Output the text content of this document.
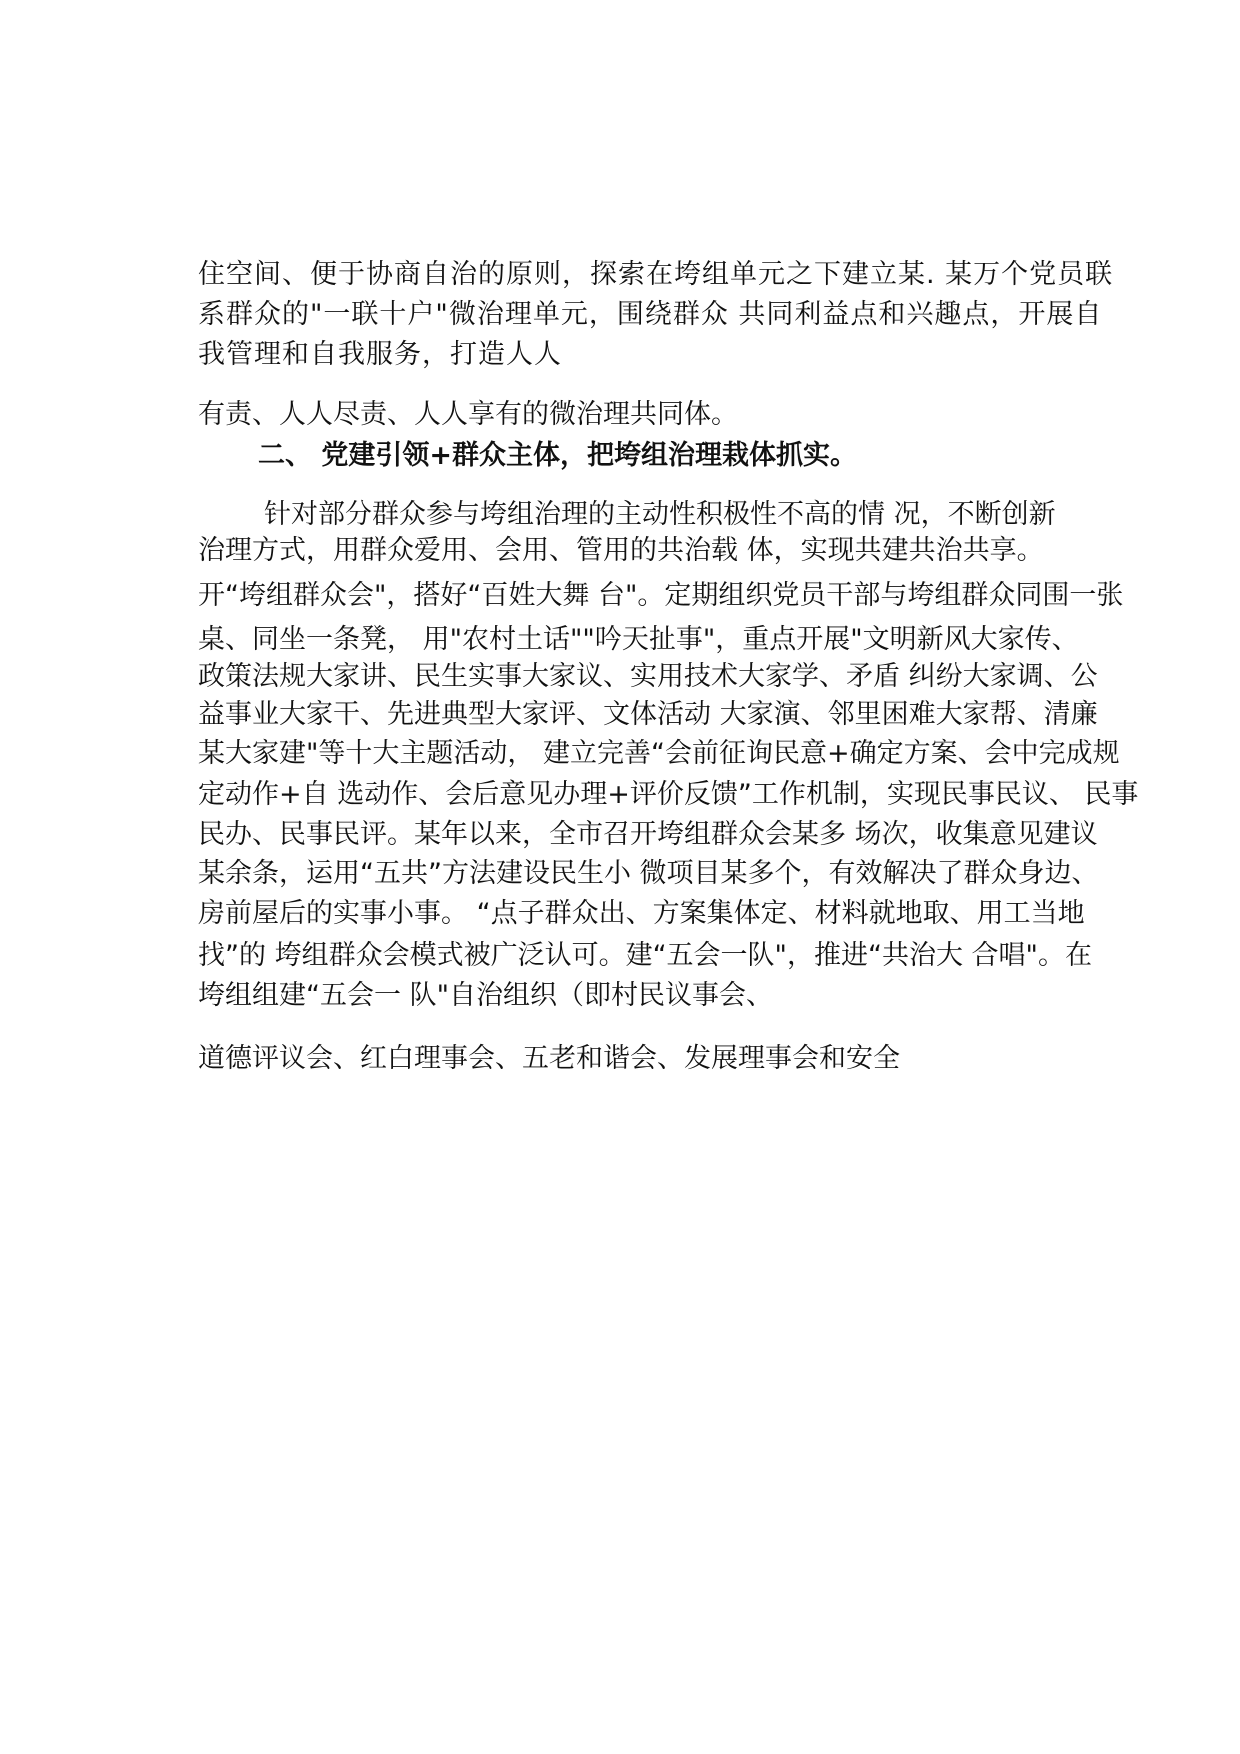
住空间、便于协商自治的原则，探索在垮组单元之下建立某. 某万个党员联
系群众的"一联十户"微治理单元，围绕群众 共同利益点和兴趣点，开展自
我管理和自我服务，打造人人
有责、人人尽责、人人享有的微治理共同体。
二、 党建引领+群众主体，把垮组治理栽体抓实。
针对部分群众参与垮组治理的主动性积极性不高的情 况，不断创新
治理方式，用群众爱用、会用、管用的共治载 体，实现共建共治共享。
开“垮组群众会"，搭好“百姓大舞 台"。定期组织党员干部与垮组群众同围一张
桌、同坐一条凳， 用"农村土话""吟天扯事"，重点开展"文明新风大家传、
政策法规大家讲、民生实事大家议、实用技术大家学、矛盾 纠纷大家调、公
益事业大家干、先进典型大家评、文体活动 大家演、邻里困难大家帮、清廉
某大家建"等十大主题活动， 建立完善“会前征询民意+确定方案、会中完成规
定动作+自 选动作、会后意见办理+评价反馈”工作机制，实现民事民议、 民事
民办、民事民评。某年以来，全市召开垮组群众会某多 场次，收集意见建议
某余条，运用“五共”方法建设民生小 微项目某多个，有效解决了群众身边、
房前屋后的实事小事。 “点子群众出、方案集体定、材料就地取、用工当地
找”的 垮组群众会模式被广泛认可。建“五会一队"，推进“共治大 合唱"。在
垮组组建“五会一 队"自治组织（即村民议事会、
道德评议会、红白理事会、五老和谐会、发展理事会和安全
